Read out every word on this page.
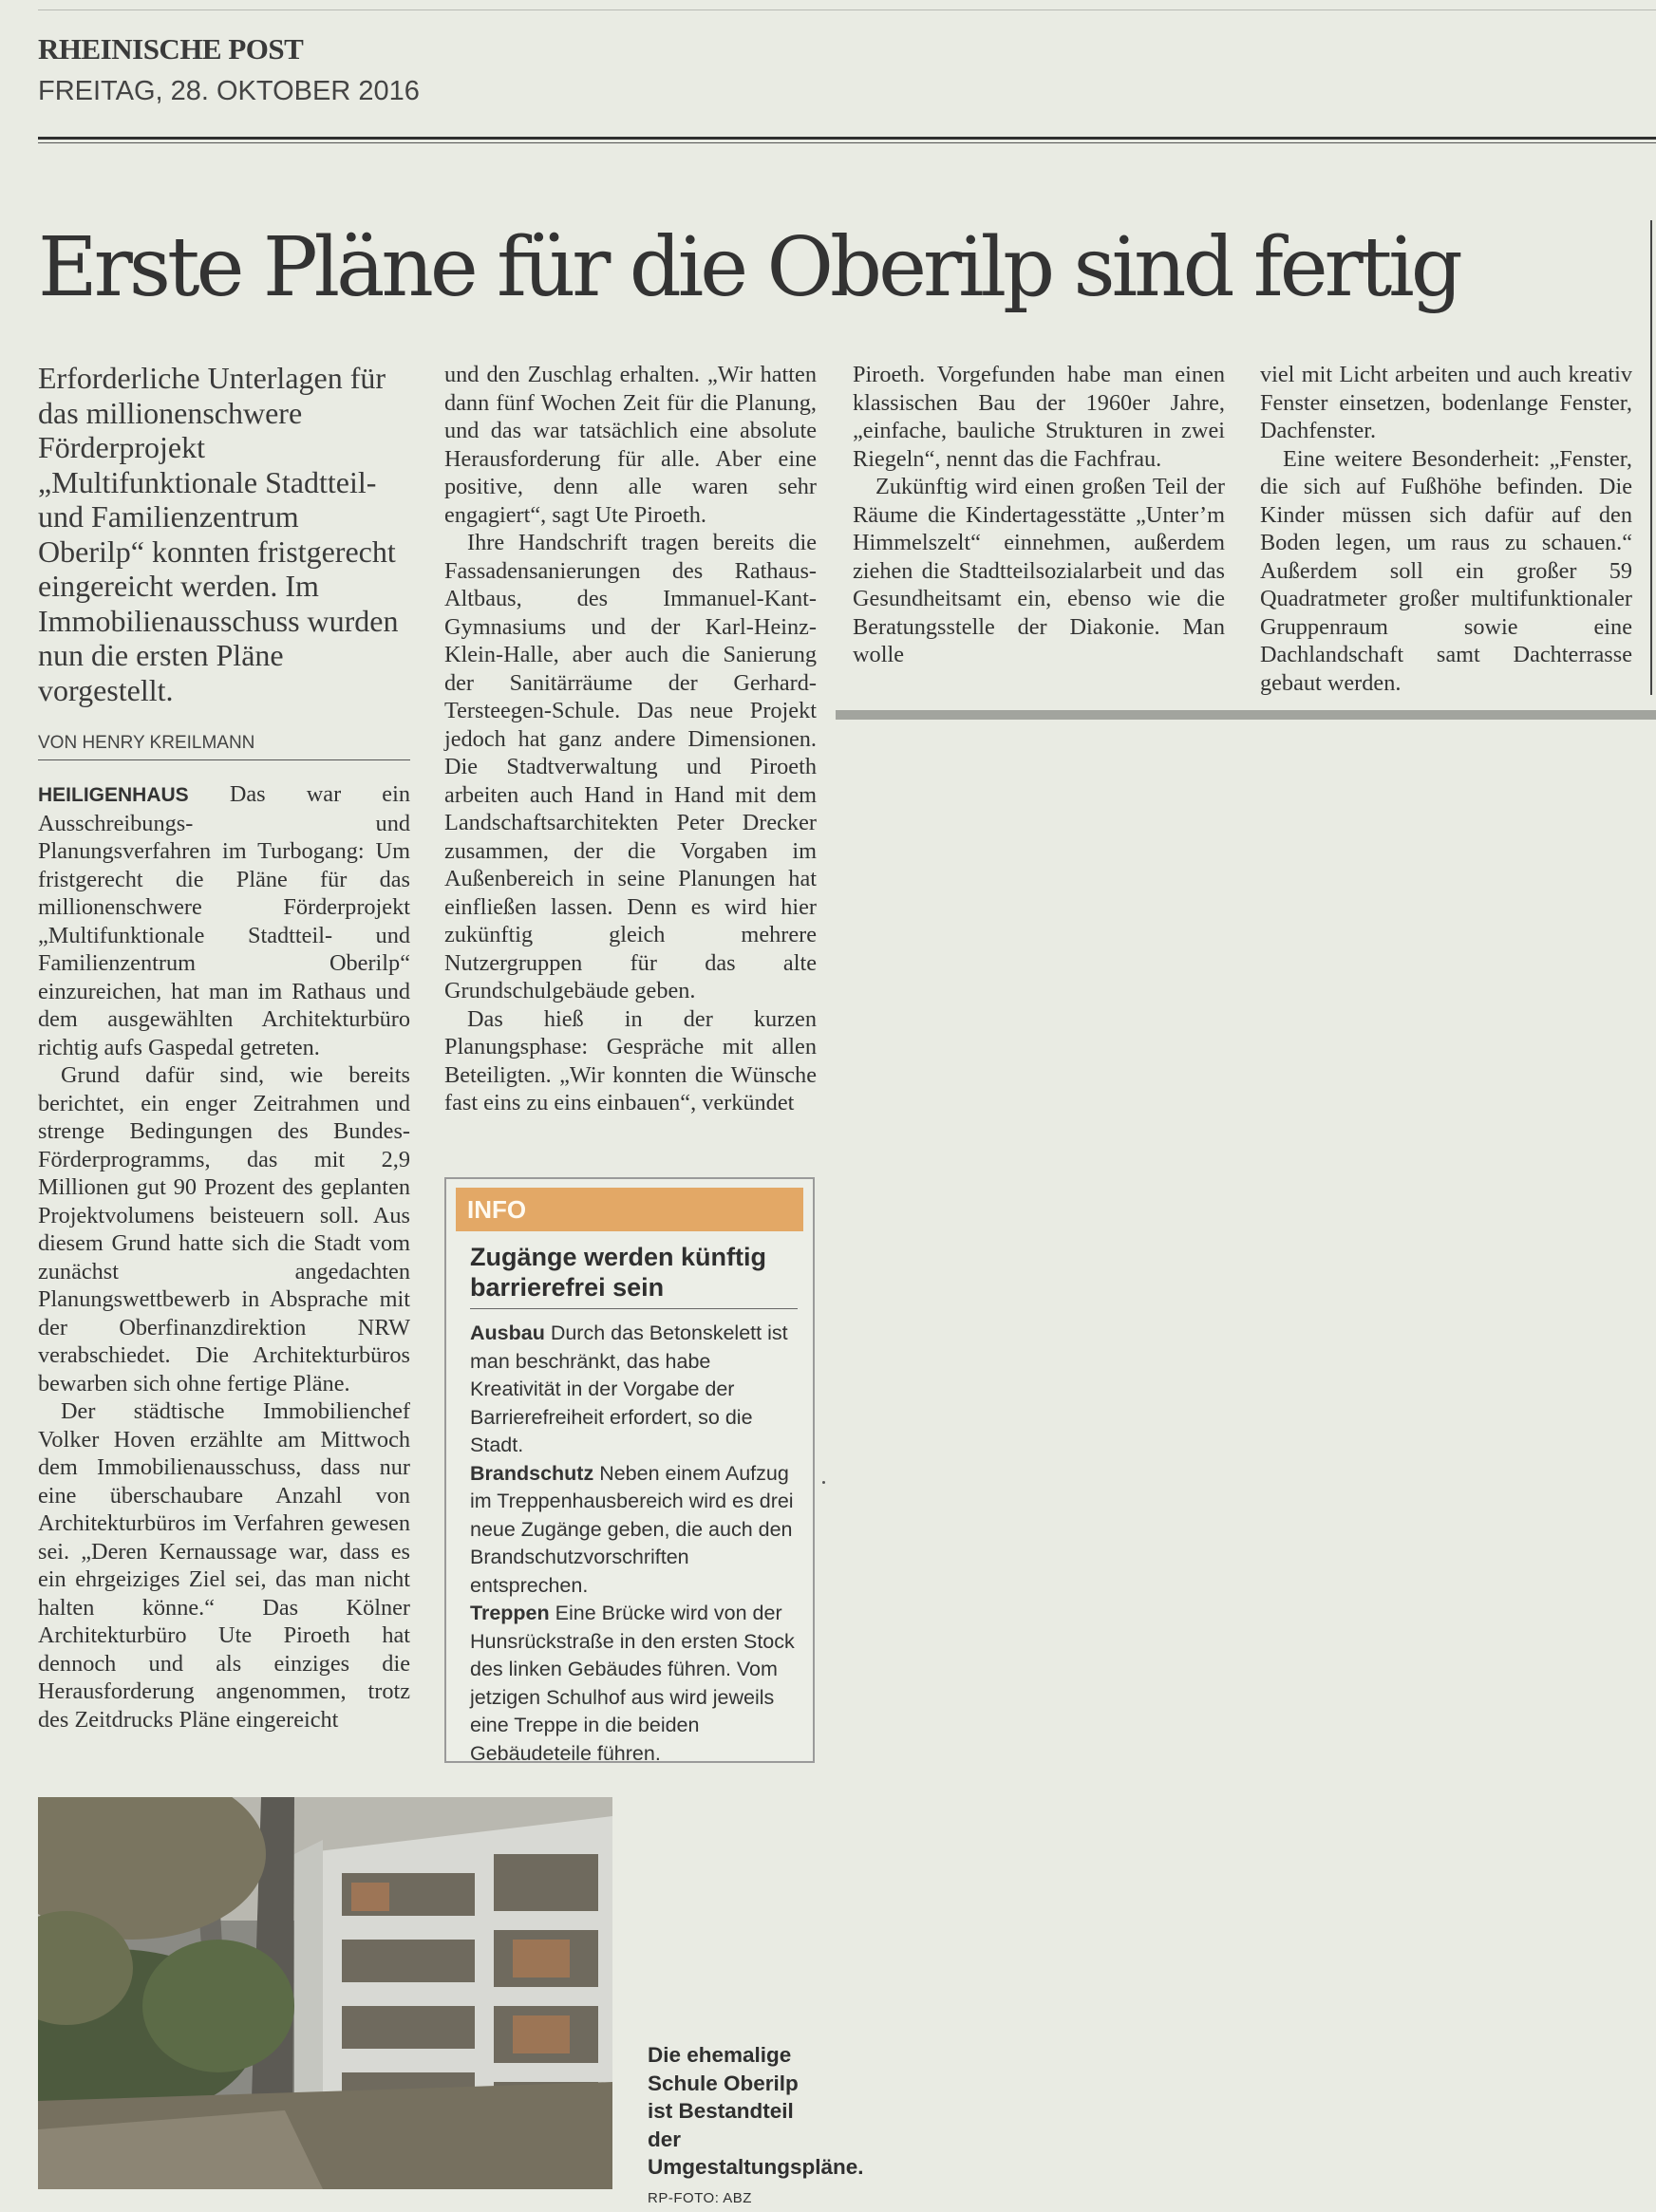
RHEINISCHE POST
FREITAG, 28. OKTOBER 2016
Erste Pläne für die Oberilp sind fertig
Erforderliche Unterlagen für das millionenschwere Förderprojekt „Multifunktionale Stadtteil- und Familienzentrum Oberilp“ konnten fristgerecht eingereicht werden. Im Immobilienausschuss wurden nun die ersten Pläne vorgestellt.
VON HENRY KREILMANN

HEILIGENHAUS Das war ein Ausschreibungs- und Planungsverfahren im Turbogang: Um fristgerecht die Pläne für das millionenschwere Förderprojekt „Multifunktionale Stadtteil- und Familienzentrum Oberilp“ einzureichen, hat man im Rathaus und dem ausgewählten Architekturbüro richtig aufs Gaspedal getreten.

Grund dafür sind, wie bereits berichtet, ein enger Zeitrahmen und strenge Bedingungen des Bundes-Förderprogramms, das mit 2,9 Millionen gut 90 Prozent des geplanten Projektvolumens beisteuern soll. Aus diesem Grund hatte sich die Stadt vom zunächst angedachten Planungswettbewerb in Absprache mit der Oberfinanzdirektion NRW verabschiedet. Die Architekturbüros bewarben sich ohne fertige Pläne.

Der städtische Immobilienchef Volker Hoven erzählte am Mittwoch dem Immobilienausschuss, dass nur eine überschaubare Anzahl von Architekturbüros im Verfahren gewesen sei. „Deren Kernaussage war, dass es ein ehrgeiziges Ziel sei, das man nicht halten könne.“ Das Kölner Architekturbüro Ute Piroeth hat dennoch und als einziges die Herausforderung angenommen, trotz des Zeitdrucks Pläne eingereicht

und den Zuschlag erhalten. „Wir hatten dann fünf Wochen Zeit für die Planung, und das war tatsächlich eine absolute Herausforderung für alle. Aber eine positive, denn alle waren sehr engagiert“, sagt Ute Piroeth.

Ihre Handschrift tragen bereits die Fassadensanierungen des Rathaus-Altbaus, des Immanuel-Kant-Gymnasiums und der Karl-Heinz-Klein-Halle, aber auch die Sanierung der Sanitärräume der Gerhard-Tersteegen-Schule. Das neue Projekt jedoch hat ganz andere Dimensionen. Die Stadtverwaltung und Piroeth arbeiten auch Hand in Hand mit dem Landschaftsarchitekten Peter Drecker zusammen, der die Vorgaben im Außenbereich in seine Planungen hat einfließen lassen. Denn es wird hier zukünftig gleich mehrere Nutzergruppen für das alte Grundschulgebäude geben.

Das hieß in der kurzen Planungsphase: Gespräche mit allen Beteiligten. „Wir konnten die Wünsche fast eins zu eins einbauen“, verkündet

Piroeth. Vorgefunden habe man einen klassischen Bau der 1960er Jahre, „einfache, bauliche Strukturen in zwei Riegeln“, nennt das die Fachfrau.

Zukünftig wird einen großen Teil der Räume die Kindertagesstätte „Unter’m Himmelszelt“ einnehmen, außerdem ziehen die Stadtteilsozialarbeit und das Gesundheitsamt ein, ebenso wie die Beratungsstelle der Diakonie. Man wolle

viel mit Licht arbeiten und auch kreativ Fenster einsetzen, bodenlange Fenster, Dachfenster.

Eine weitere Besonderheit: „Fenster, die sich auf Fußhöhe befinden. Die Kinder müssen sich dafür auf den Boden legen, um raus zu schauen.“ Außerdem soll ein großer 59 Quadratmeter großer multifunktionaler Gruppenraum sowie eine Dachlandschaft samt Dachterrasse gebaut werden.

INFO
Zugänge werden künftig barrierefrei sein

Ausbau Durch das Betonskelett ist man beschränkt, das habe Kreativität in der Vorgabe der Barrierefreiheit erfordert, so die Stadt.

Brandschutz Neben einem Aufzug im Treppenhausbereich wird es drei neue Zugänge geben, die auch den Brandschutzvorschriften entsprechen.

Treppen Eine Brücke wird von der Hunsrückstraße in den ersten Stock des linken Gebäudes führen. Vom jetzigen Schulhof aus wird jeweils eine Treppe in die beiden Gebäudeteile führen.

Die ehemalige Schule Oberilp ist Bestandteil der Umgestaltungspläne. RP-FOTO: ABZ
